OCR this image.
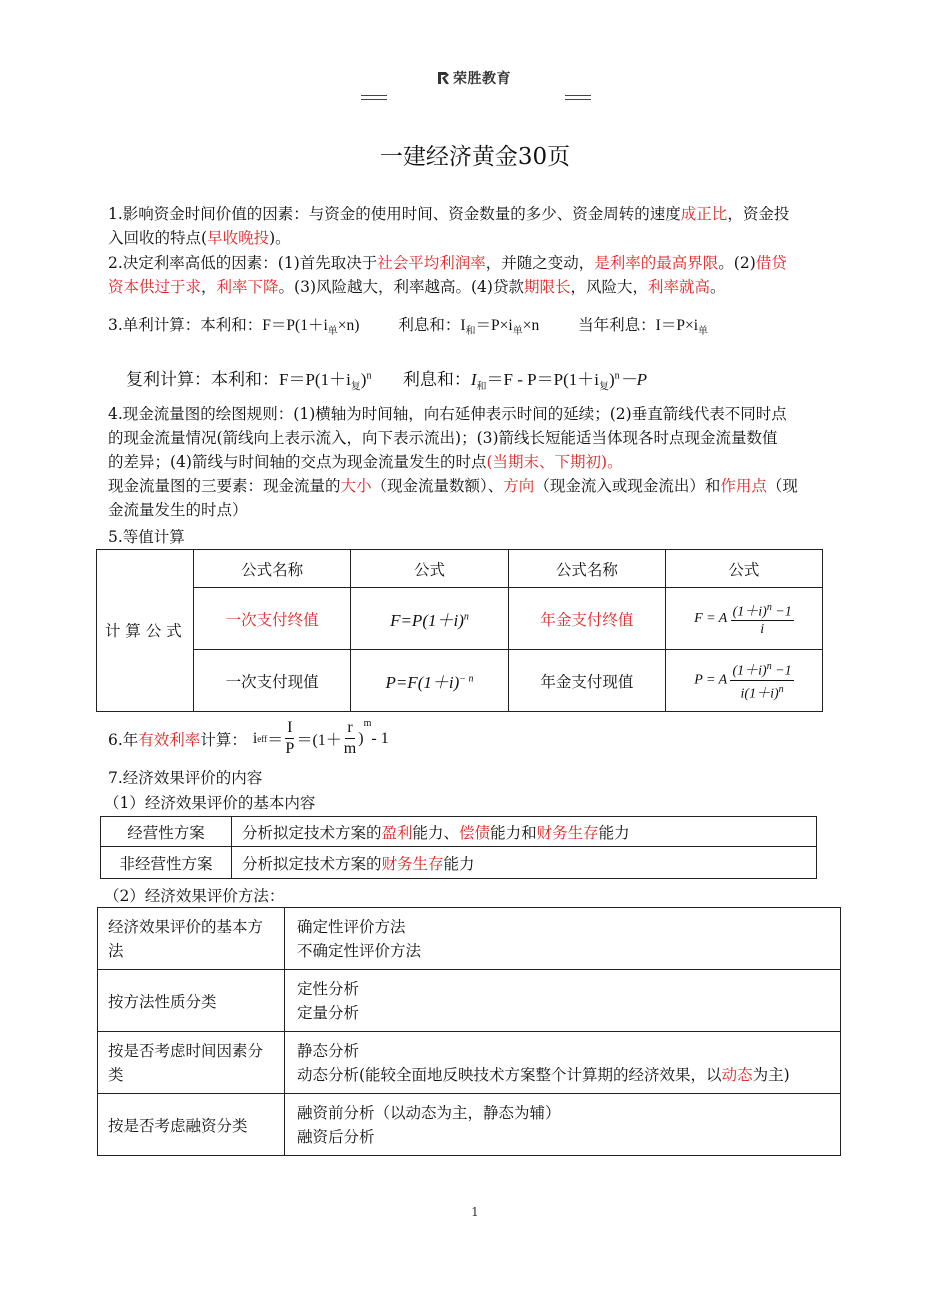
荣胜教育
一建经济黄金30页
1.影响资金时间价值的因素：与资金的使用时间、资金数量的多少、资金周转的速度成正比，资金投
入回收的特点(早收晚投)。
2.决定利率高低的因素：(1)首先取决于社会平均利润率，并随之变动，是利率的最高界限。(2)借贷
资本供过于求，利率下降。(3)风险越大，利率越高。(4)贷款期限长，风险大，利率就高。
3.单利计算：本利和：$F=P(1+i_单\times n)$	利息和：$I_和=P\times i_单\times n$	当年利息：$I=P\times i_单$
复利计算：本利和：$F=P(1+i_复)^n$ 利息和：$I_和=F - P=P(1+i_复)^n-P$
4.现金流量图的绘图规则：(1)横轴为时间轴，向右延伸表示时间的延续；(2)垂直箭线代表不同时点
的现金流量情况(箭线向上表示流入，向下表示流出)；(3)箭线长短能适当体现各时点现金流量数值
的差异；(4)箭线与时间轴的交点为现金流量发生的时点(当期末、下期初)。
现金流量图的三要素：现金流量的大小（现金流量数额）、方向（现金流入或现金流出）和作用点（现
金流量发生的时点）
5.等值计算
计 算 公 式	公式名称	公式	公式名称	公式
	一次支付终值	$F=P(1+i)^n$	年金支付终值	F = A $\frac{(1+i)^n -1}{i}$

	一次支付现值	$P=F(1+i)^{- n}$	年金支付现值	P = A $\frac{(1+i)^n -1}{i(1+i)^n}$
6.年 有效利率 计算： i eff ＝ $\frac{I}{P} =(1+ \frac{r}{m}$ )
m
- 1
7.经济效果评价的内容
（1）经济效果评价的基本内容
经营性方案	分析拟定技术方案的盈利能力、偿债能力和财务生存能力
非经营性方案	分析拟定技术方案的财务生存能力
（2）经济效果评价方法：
经济效果评价的基本方法	确定性评价方法
不确定性评价方法
按方法性质分类	定性分析
定量分析
按是否考虑时间因素分类	静态分析
动态分析(能较全面地反映技术方案整个计算期的经济效果，以动态为主)
按是否考虑融资分类	融资前分析（以动态为主，静态为辅）
融资后分析
1
